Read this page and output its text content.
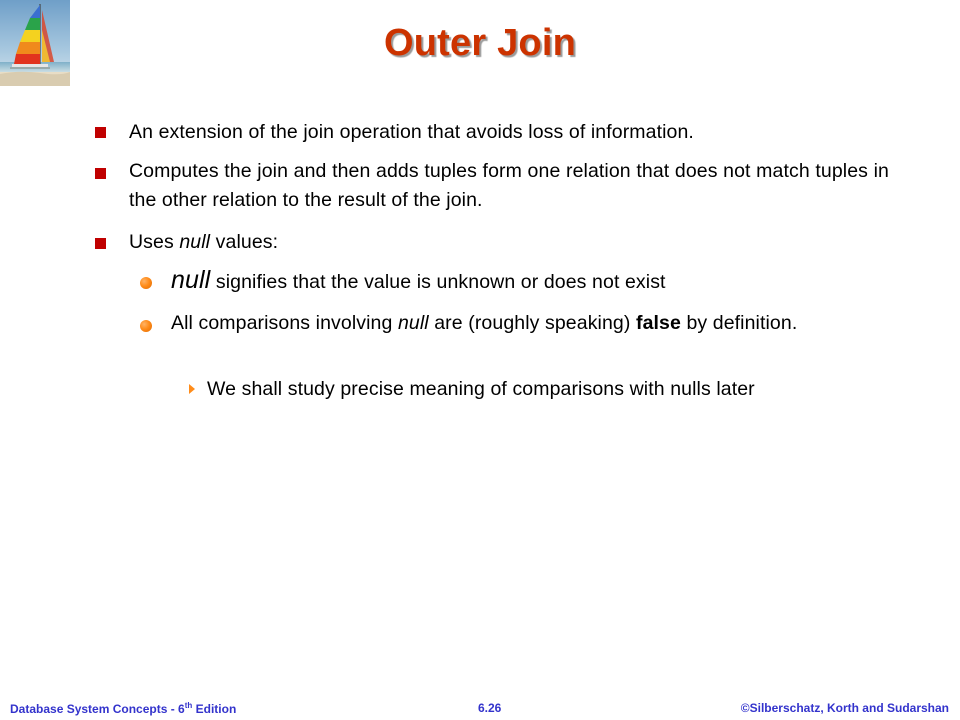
Outer Join
An extension of the join operation that avoids loss of information.
Computes the join and then adds tuples form one relation that does not match tuples in the other relation to the result of the join.
Uses null values:
null signifies that the value is unknown or does not exist
All comparisons involving null are (roughly speaking) false by definition.
We shall study precise meaning of comparisons with nulls later
Database System Concepts - 6th Edition	6.26	©Silberschatz, Korth and Sudarshan
